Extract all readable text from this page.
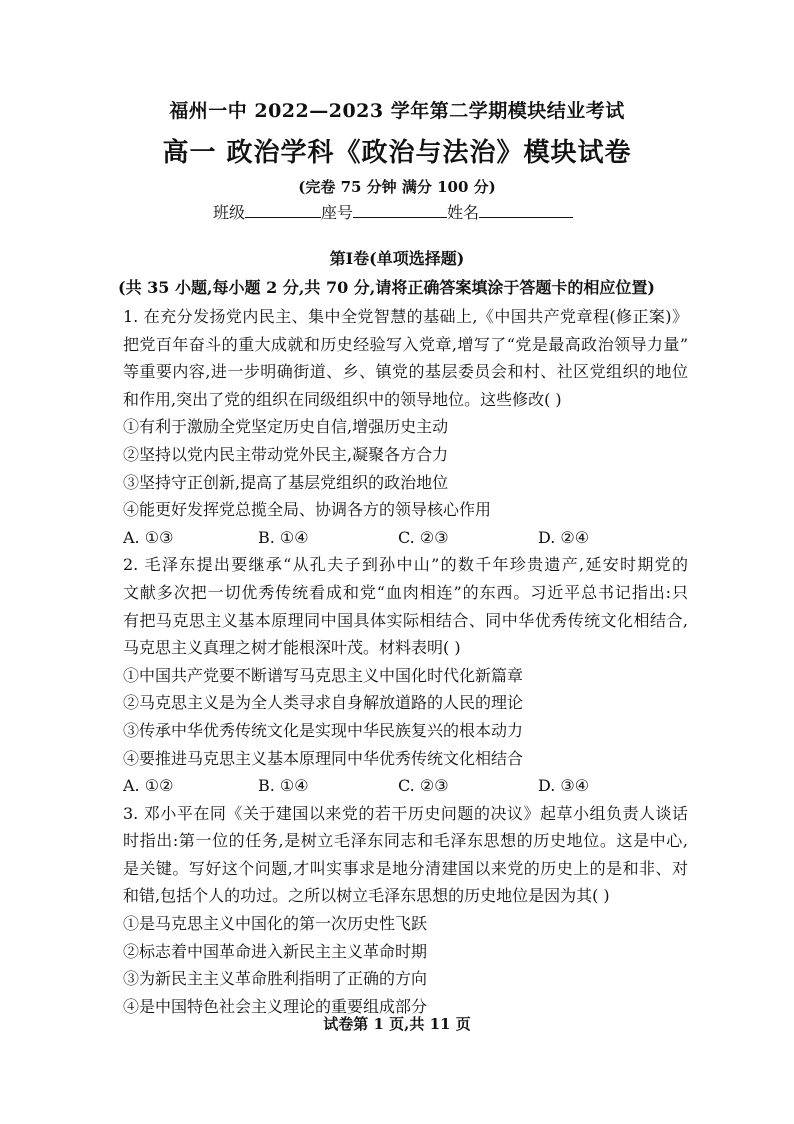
福州一中 2022—2023 学年第二学期模块结业考试
高一 政治学科《政治与法治》模块试卷
(完卷 75 分钟 满分 100 分)
班级	座号	姓名
第Ⅰ卷(单项选择题)
(共 35 小题,每小题 2 分,共 70 分,请将正确答案填涂于答题卡的相应位置)
1. 在充分发扬党内民主、集中全党智慧的基础上,《中国共产党章程(修正案)》
把党百年奋斗的重大成就和历史经验写入党章,增写了“党是最高政治领导力量”
等重要内容,进一步明确街道、乡、镇党的基层委员会和村、社区党组织的地位
和作用,突出了党的组织在同级组织中的领导地位。这些修改( )
①有利于激励全党坚定历史自信,增强历史主动
②坚持以党内民主带动党外民主,凝聚各方合力
③坚持守正创新,提高了基层党组织的政治地位
④能更好发挥党总揽全局、协调各方的领导核心作用
A. ①③	B. ①④	C. ②③	D. ②④
2. 毛泽东提出要继承“从孔夫子到孙中山”的数千年珍贵遗产,延安时期党的
文献多次把一切优秀传统看成和党“血肉相连”的东西。习近平总书记指出:只
有把马克思主义基本原理同中国具体实际相结合、同中华优秀传统文化相结合,
马克思主义真理之树才能根深叶茂。材料表明( )
①中国共产党要不断谱写马克思主义中国化时代化新篇章
②马克思主义是为全人类寻求自身解放道路的人民的理论
③传承中华优秀传统文化是实现中华民族复兴的根本动力
④要推进马克思主义基本原理同中华优秀传统文化相结合
A. ①②	B. ①④	C. ②③	D. ③④
3. 邓小平在同《关于建国以来党的若干历史问题的决议》起草小组负责人谈话
时指出:第一位的任务,是树立毛泽东同志和毛泽东思想的历史地位。这是中心,
是关键。写好这个问题,才叫实事求是地分清建国以来党的历史上的是和非、对
和错,包括个人的功过。之所以树立毛泽东思想的历史地位是因为其( )
①是马克思主义中国化的第一次历史性飞跃
②标志着中国革命进入新民主主义革命时期
③为新民主主义革命胜利指明了正确的方向
④是中国特色社会主义理论的重要组成部分
试卷第 1 页,共 11 页
